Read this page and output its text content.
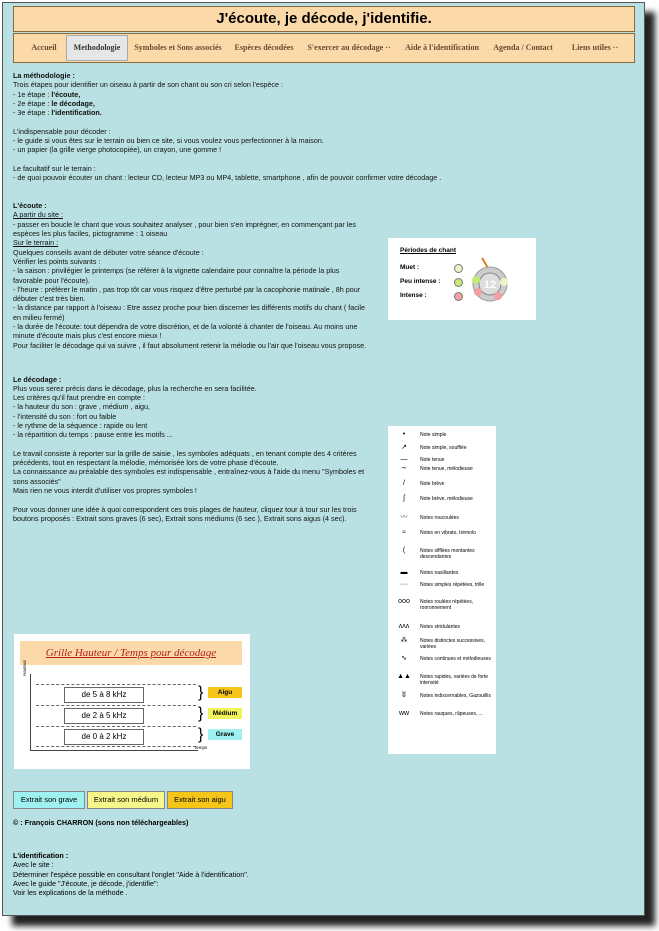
J'écoute, je décode, j'identifie.
Accueil	Methodologie	Symboles et Sons associés	Espèces décodées	S'exercer au décodage ··	Aide à l'identification	Agenda / Contact	Liens utiles ··

La méthodologie :

Trois étapes pour identifier un oiseau à partir de son chant ou son cri selon l'espèce :

- 1e étape : l'écoute,

- 2e étape : le décodage,

- 3e étape : l'identification.

L'indispensable pour décoder :

- le guide si vous êtes sur le terrain ou bien ce site, si vous voulez vous perfectionner à la maison.

- un papier (la grille vierge photocopiée), un crayon, une gomme !

Le facultatif sur le terrain :

- de quoi pouvoir écouter un chant : lecteur CD, lecteur MP3 ou MP4, tablette, smartphone , afin de pouvoir confirmer votre décodage .

L'écoute :

A partir du site :

- passer en boucle le chant que vous souhaitez analyser , pour bien s'en imprégner, en commençant par les espèces les plus faciles, pictogramme : 1 oiseau

Sur le terrain :

Quelques conseils avant de débuter votre séance d'écoute :

Vérifier les points suivants :

- la saison : privilégier le printemps (se référer à la vignette calendaire pour connaître la période la plus favorable pour l'écoute).

- l'heure : préférer le matin , pas trop tôt car vous risquez d'être perturbé par la cacophonie matinale , 8h pour débuter c'est très bien.

- la distance par rapport à l'oiseau : Etre assez proche pour bien discerner les différents motifs du chant ( facile en milieu fermé)

- la durée de l'écoute: tout dépendra de votre discrétion, et de la volonté à chanter de l'oiseau. Au moins une minute d'écoute mais plus c'est encore mieux !

Pour faciliter le décodage qui va suivre , il faut absolument retenir la mélodie ou l'air que l'oiseau vous propose.

Le décodage :

Plus vous serez précis dans le décodage, plus la recherche en sera facilitée.

Les critères qu'il faut prendre en compte :

- la hauteur du son : grave , médium , aigu,

- l'intensité du son : fort ou faible

- le rythme de la séquence : rapide ou lent

- la répartition du temps : pause entre les motifs ...

Le travail consiste à reporter sur la grille de saisie , les symboles adéquats , en tenant compte des 4 critères précédents, tout en respectant la mélodie, mémorisée lors de votre phase d'écoute.

La connaissance au préalable des symboles est indispensable , entraînez-vous à l'aide du menu "Symboles et sons associés"

Mais rien ne vous interdit d'utiliser vos propres symboles !

Pour vous donner une idée à quoi correspondent ces trois plages de hauteur, cliquez tour à tour sur les trois boutons proposés : Extrait sons graves (6 sec), Extrait sons médiums (6 sec ), Extrait sons aigus (4 sec).

Périodes de chant
Muet :
Peu intense :
Intense :
12
•	Note simple
↗	Note simple, soufflée
—	Note tenue
∼	Note tenue, mélodieuse
/	Note brève
ʃ	Note brève, mélodieuse
〰	Notes roucoulées
≈	Notes en vibrato, trémolo
(	Notes sifflées montantes descendantes
▬	Notes nasillardes
∙∙∙∙	Notes simples répétées, trille
ooo	Notes roulées répétées, ronronnement
ʌʌʌ	Notes stridulantes
⁂	Notes distinctes successives, variées
∿	Notes continues et mélodieuses
▲▲	Notes rapides, variées de forte intensité
ʬ	Notes indiscernables, Gazouillis
ww	Notes rauques, râpeuses, ...
Grille Hauteur / Temps pour décodage
Hauteur
Temps
de 5 à 8 kHz
de 2 à 5 kHz
de 0 à 2 kHz
}
}
}
Aigu
Médium
Grave
Extrait son grave	Extrait son médium	Extrait son aigu
© : François CHARRON (sons non téléchargeables)

L'identification :

Avec le site :

Déterminer l'espèce possible en consultant l'onglet "Aide à l'identification".

Avec le guide "J'écoute, je décode, j'identifie":

Voir les explications de la méthode .
